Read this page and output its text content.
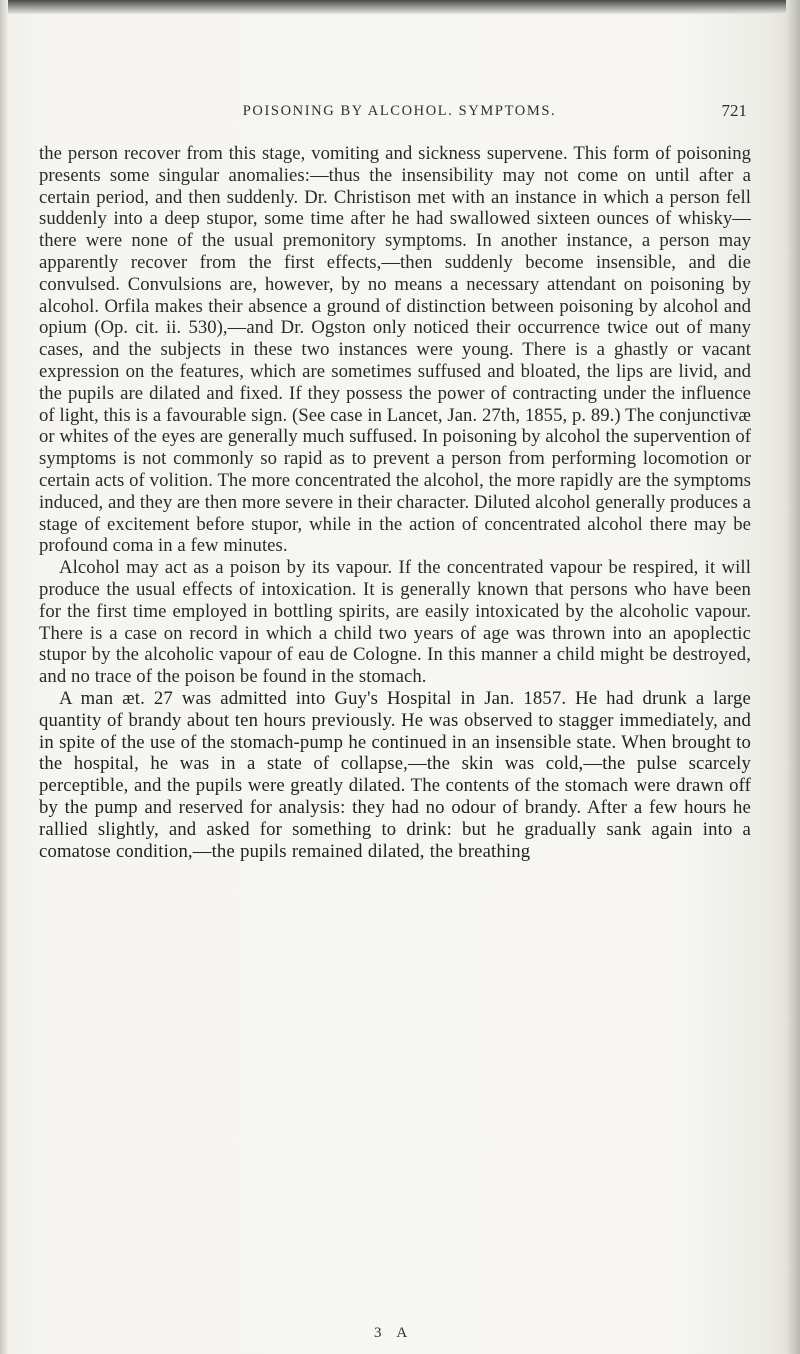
POISONING BY ALCOHOL. SYMPTOMS.	721

the person recover from this stage, vomiting and sickness supervene. This form of poisoning presents some singular anomalies:—thus the insensibility may not come on until after a certain period, and then suddenly. Dr. Christison met with an instance in which a person fell suddenly into a deep stupor, some time after he had swallowed sixteen ounces of whisky— there were none of the usual premonitory symptoms. In another instance, a person may apparently recover from the first effects,—then suddenly become insensible, and die convulsed. Convulsions are, however, by no means a necessary attendant on poisoning by alcohol. Orfila makes their absence a ground of distinction between poisoning by alcohol and opium (Op. cit. ii. 530),—and Dr. Ogston only noticed their occurrence twice out of many cases, and the subjects in these two instances were young. There is a ghastly or vacant expression on the features, which are sometimes suffused and bloated, the lips are livid, and the pupils are dilated and fixed. If they possess the power of contracting under the influence of light, this is a favourable sign. (See case in Lancet, Jan. 27th, 1855, p. 89.) The conjunctivæ or whites of the eyes are generally much suffused. In poisoning by alcohol the supervention of symptoms is not commonly so rapid as to prevent a person from performing locomotion or certain acts of volition. The more concentrated the alcohol, the more rapidly are the symptoms induced, and they are then more severe in their character. Diluted alcohol generally produces a stage of excitement before stupor, while in the action of concentrated alcohol there may be profound coma in a few minutes.

Alcohol may act as a poison by its vapour. If the concentrated vapour be respired, it will produce the usual effects of intoxication. It is generally known that persons who have been for the first time employed in bottling spirits, are easily intoxicated by the alcoholic vapour. There is a case on record in which a child two years of age was thrown into an apoplectic stupor by the alcoholic vapour of eau de Cologne. In this manner a child might be destroyed, and no trace of the poison be found in the stomach.

A man æt. 27 was admitted into Guy's Hospital in Jan. 1857. He had drunk a large quantity of brandy about ten hours previously. He was observed to stagger immediately, and in spite of the use of the stomach-pump he continued in an insensible state. When brought to the hospital, he was in a state of collapse,—the skin was cold,—the pulse scarcely perceptible, and the pupils were greatly dilated. The contents of the stomach were drawn off by the pump and reserved for analysis: they had no odour of brandy. After a few hours he rallied slightly, and asked for something to drink: but he gradually sank again into a comatose condition,—the pupils remained dilated, the breathing

3 A
